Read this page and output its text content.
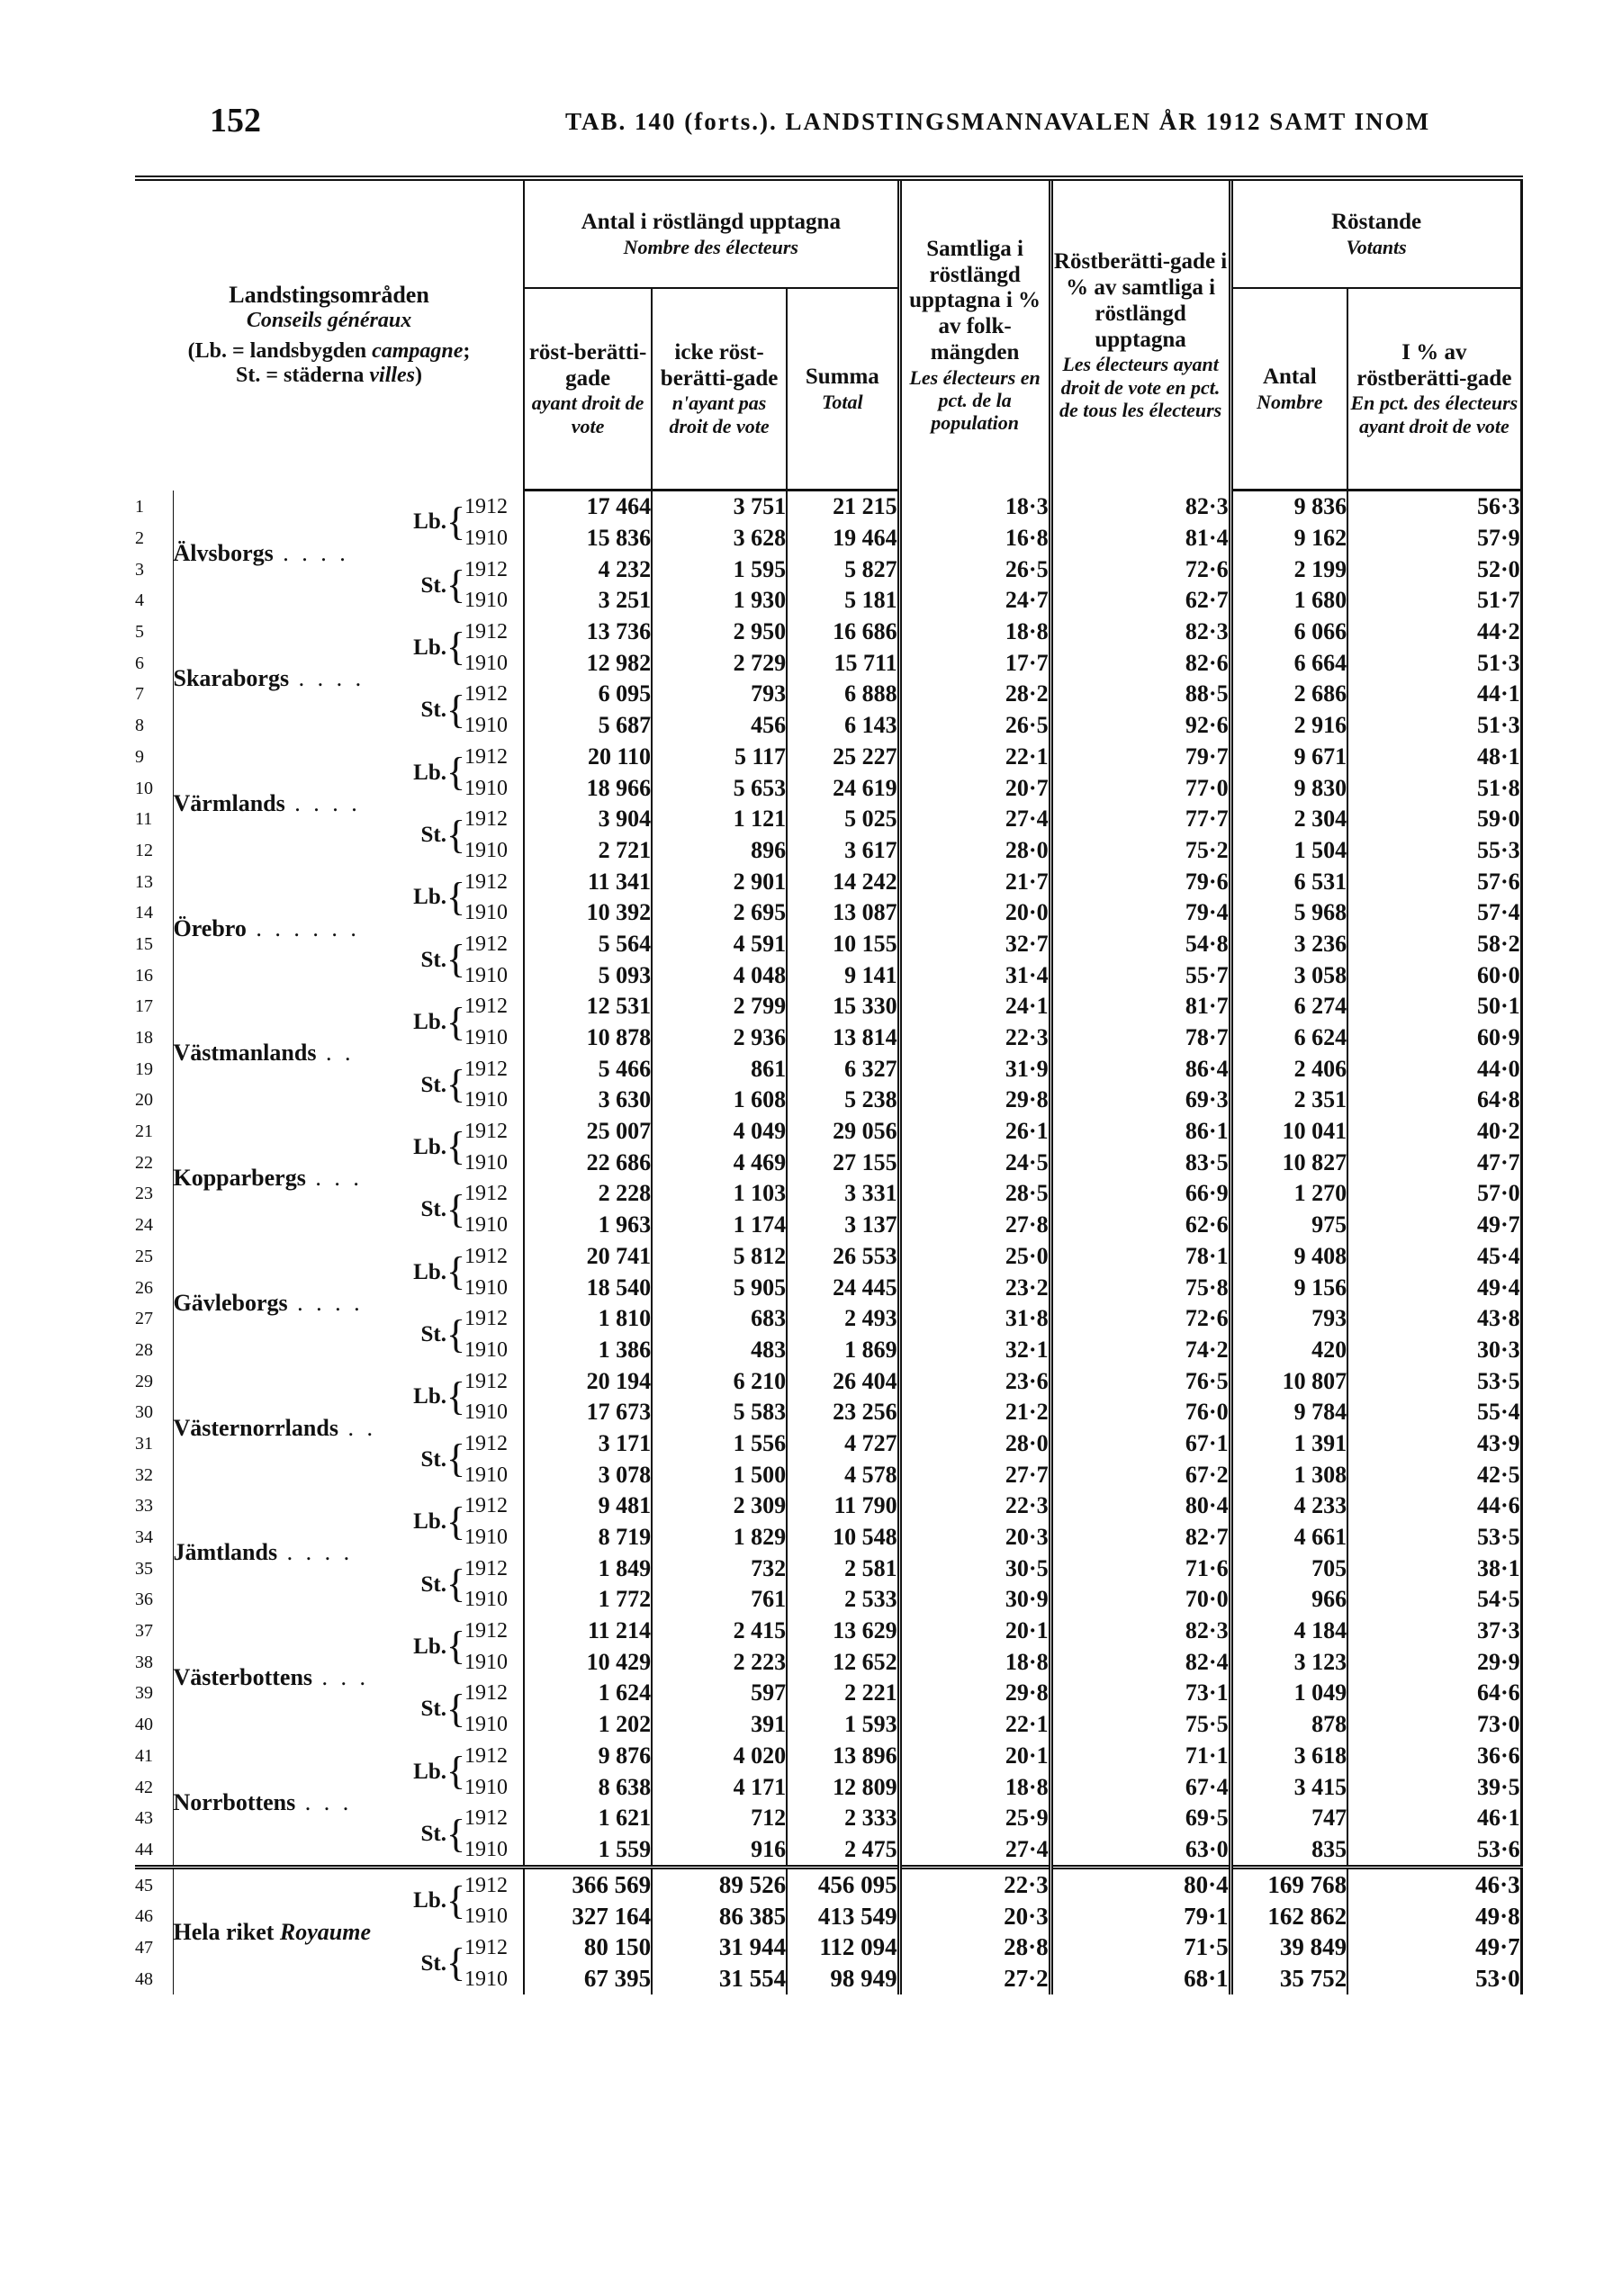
152	TAB. 140 (forts.). LANDSTINGSMANNAVALEN ÅR 1912 SAMT INOM
Landstingsområden
Conseils généraux
(Lb. = landsbygden campagne;
St. = städerna villes)					Antal i röstlängd upptagna
Nombre des électeurs			Samtliga i röstlängd upptagna i % av folk-mängden
Les électeurs en pct. de la population	Röstberätti-gade i % av samtliga i röstlängd upptagna
Les électeurs ayant droit de vote en pct. de tous les électeurs	Röstande
Votants	

					röst-berätti-gade
ayant droit de vote	icke röst-berätti-gade
n'ayant pas droit de vote	Summa
Total			Antal
Nombre	I % av röstberätti-gade
En pct. des électeurs ayant droit de vote

1	Älvsborgs . . . .	Lb.	{	1912	17 464	3 751	21 215	18·3	82·3	9 836	56·3
2				1910	15 836	3 628	19 464	16·8	81·4	9 162	57·9
3		St.	{	1912	4 232	1 595	5 827	26·5	72·6	2 199	52·0
4				1910	3 251	1 930	5 181	24·7	62·7	1 680	51·7
5	Skaraborgs . . . .	Lb.	{	1912	13 736	2 950	16 686	18·8	82·3	6 066	44·2
6				1910	12 982	2 729	15 711	17·7	82·6	6 664	51·3
7		St.	{	1912	6 095	793	6 888	28·2	88·5	2 686	44·1
8				1910	5 687	456	6 143	26·5	92·6	2 916	51·3
9	Värmlands . . . .	Lb.	{	1912	20 110	5 117	25 227	22·1	79·7	9 671	48·1
10				1910	18 966	5 653	24 619	20·7	77·0	9 830	51·8
11		St.	{	1912	3 904	1 121	5 025	27·4	77·7	2 304	59·0
12				1910	2 721	896	3 617	28·0	75·2	1 504	55·3
13	Örebro . . . . . .	Lb.	{	1912	11 341	2 901	14 242	21·7	79·6	6 531	57·6
14				1910	10 392	2 695	13 087	20·0	79·4	5 968	57·4
15		St.	{	1912	5 564	4 591	10 155	32·7	54·8	3 236	58·2
16				1910	5 093	4 048	9 141	31·4	55·7	3 058	60·0
17	Västmanlands . .	Lb.	{	1912	12 531	2 799	15 330	24·1	81·7	6 274	50·1
18				1910	10 878	2 936	13 814	22·3	78·7	6 624	60·9
19		St.	{	1912	5 466	861	6 327	31·9	86·4	2 406	44·0
20				1910	3 630	1 608	5 238	29·8	69·3	2 351	64·8
21	Kopparbergs . . .	Lb.	{	1912	25 007	4 049	29 056	26·1	86·1	10 041	40·2
22				1910	22 686	4 469	27 155	24·5	83·5	10 827	47·7
23		St.	{	1912	2 228	1 103	3 331	28·5	66·9	1 270	57·0
24				1910	1 963	1 174	3 137	27·8	62·6	975	49·7
25	Gävleborgs . . . .	Lb.	{	1912	20 741	5 812	26 553	25·0	78·1	9 408	45·4
26				1910	18 540	5 905	24 445	23·2	75·8	9 156	49·4
27		St.	{	1912	1 810	683	2 493	31·8	72·6	793	43·8
28				1910	1 386	483	1 869	32·1	74·2	420	30·3
29	Västernorrlands . .	Lb.	{	1912	20 194	6 210	26 404	23·6	76·5	10 807	53·5
30				1910	17 673	5 583	23 256	21·2	76·0	9 784	55·4
31		St.	{	1912	3 171	1 556	4 727	28·0	67·1	1 391	43·9
32				1910	3 078	1 500	4 578	27·7	67·2	1 308	42·5
33	Jämtlands . . . .	Lb.	{	1912	9 481	2 309	11 790	22·3	80·4	4 233	44·6
34				1910	8 719	1 829	10 548	20·3	82·7	4 661	53·5
35		St.	{	1912	1 849	732	2 581	30·5	71·6	705	38·1
36				1910	1 772	761	2 533	30·9	70·0	966	54·5
37	Västerbottens . . .	Lb.	{	1912	11 214	2 415	13 629	20·1	82·3	4 184	37·3
38				1910	10 429	2 223	12 652	18·8	82·4	3 123	29·9
39		St.	{	1912	1 624	597	2 221	29·8	73·1	1 049	64·6
40				1910	1 202	391	1 593	22·1	75·5	878	73·0
41	Norrbottens . . .	Lb.	{	1912	9 876	4 020	13 896	20·1	71·1	3 618	36·6
42				1910	8 638	4 171	12 809	18·8	67·4	3 415	39·5
43		St.	{	1912	1 621	712	2 333	25·9	69·5	747	46·1
44				1910	1 559	916	2 475	27·4	63·0	835	53·6
45	Hela riket Royaume	Lb.	{	1912	366 569	89 526	456 095	22·3	80·4	169 768	46·3
46				1910	327 164	86 385	413 549	20·3	79·1	162 862	49·8
47		St.	{	1912	80 150	31 944	112 094	28·8	71·5	39 849	49·7
48				1910	67 395	31 554	98 949	27·2	68·1	35 752	53·0
